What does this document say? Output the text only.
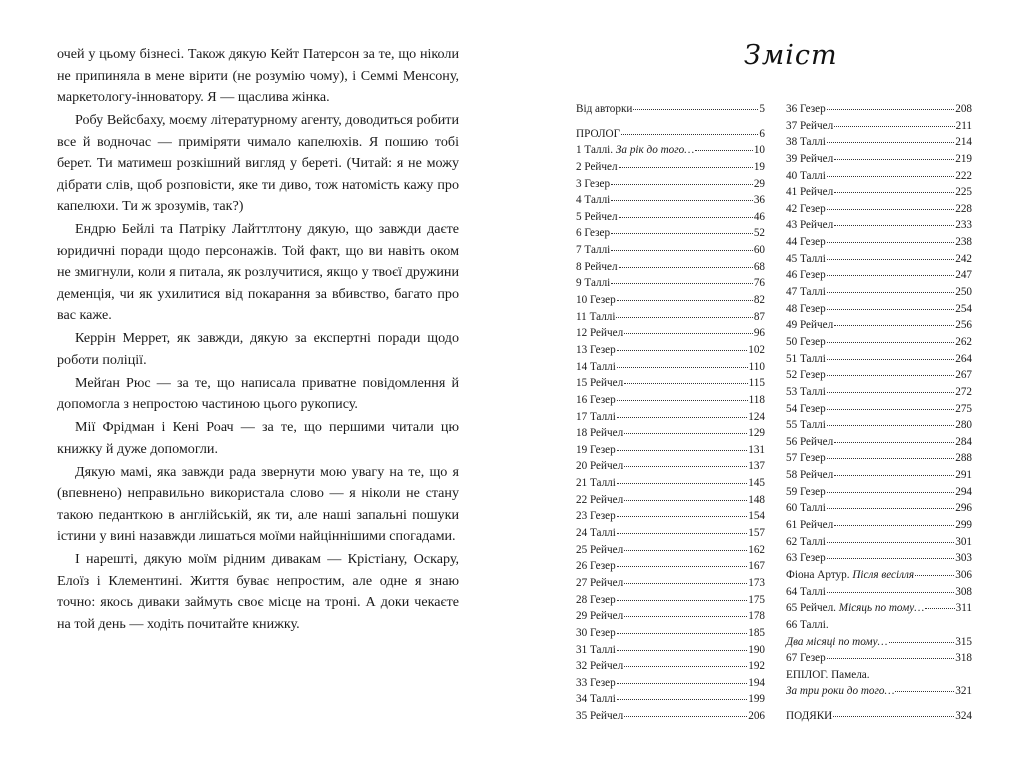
очей у цьому бізнесі. Також дякую Кейт Патерсон за те, що ніколи не припиняла в мене вірити (не розумію чому), і Семмі Менсону, маркетологу-інноватору. Я — щаслива жінка.

Робу Вейсбаху, моєму літературному агенту, доводиться робити все й водночас — приміряти чимало капелюхів. Я пошию тобі берет. Ти матимеш розкішний вигляд у береті. (Читай: я не можу дібрати слів, щоб розповісти, яке ти диво, тож натомість кажу про капелюхи. Ти ж зрозумів, так?)

Ендрю Бейлі та Патріку Лайттлтону дякую, що завжди даєте юридичні поради щодо персонажів. Той факт, що ви навіть оком не змигнули, коли я питала, як розлучитися, якщо у твоєї дружини деменція, чи як ухилитися від покарання за вбивство, багато про вас каже.

Керрін Меррет, як завжди, дякую за експертні поради щодо роботи поліції.

Мейґан Рюс — за те, що написала приватне повідомлення й допомогла з непростою частиною цього рукопису.

Мії Фрідман і Кені Роач — за те, що першими читали цю книжку й дуже допомогли.

Дякую мамі, яка завжди рада звернути мою увагу на те, що я (впевнено) неправильно використала слово — я ніколи не стану такою педанткою в англійській, як ти, але наші запальні пошуки істини у вині назавжди лишаться моїми найціннішими спогадами.

І нарешті, дякую моїм рідним дивакам — Крістіану, Оскару, Елоїз і Клементині. Життя буває непростим, але одне я знаю точно: якось диваки займуть своє місце на троні. А доки чекаєте на той день — ходіть почитайте книжку.

Зміст
Від авторки	5
ПРОЛОГ	6
1 Таллі. За рік до того…	10
2 Рейчел	19
3 Гезер	29
4 Таллі	36
5 Рейчел	46
6 Гезер	52
7 Таллі	60
8 Рейчел	68
9 Таллі	76
10 Гезер	82
11 Таллі	87
12 Рейчел	96
13 Гезер	102
14 Таллі	110
15 Рейчел	115
16 Гезер	118
17 Таллі	124
18 Рейчел	129
19 Гезер	131
20 Рейчел	137
21 Таллі	145
22 Рейчел	148
23 Гезер	154
24 Таллі	157
25 Рейчел	162
26 Гезер	167
27 Рейчел	173
28 Гезер	175
29 Рейчел	178
30 Гезер	185
31 Таллі	190
32 Рейчел	192
33 Гезер	194
34 Таллі	199
35 Рейчел	206
36 Гезер	208
37 Рейчел	211
38 Таллі	214
39 Рейчел	219
40 Таллі	222
41 Рейчел	225
42 Гезер	228
43 Рейчел	233
44 Гезер	238
45 Таллі	242
46 Гезер	247
47 Таллі	250
48 Гезер	254
49 Рейчел	256
50 Гезер	262
51 Таллі	264
52 Гезер	267
53 Таллі	272
54 Гезер	275
55 Таллі	280
56 Рейчел	284
57 Гезер	288
58 Рейчел	291
59 Гезер	294
60 Таллі	296
61 Рейчел	299
62 Таллі	301
63 Гезер	303
Фіона Артур. Після весілля	306
64 Таллі	308
65 Рейчел. Місяць по тому…	311
66 Таллі.
Два місяці по тому…	315
67 Гезер	318
ЕПІЛОГ. Памела.
За три роки до того…	321
ПОДЯКИ	324
